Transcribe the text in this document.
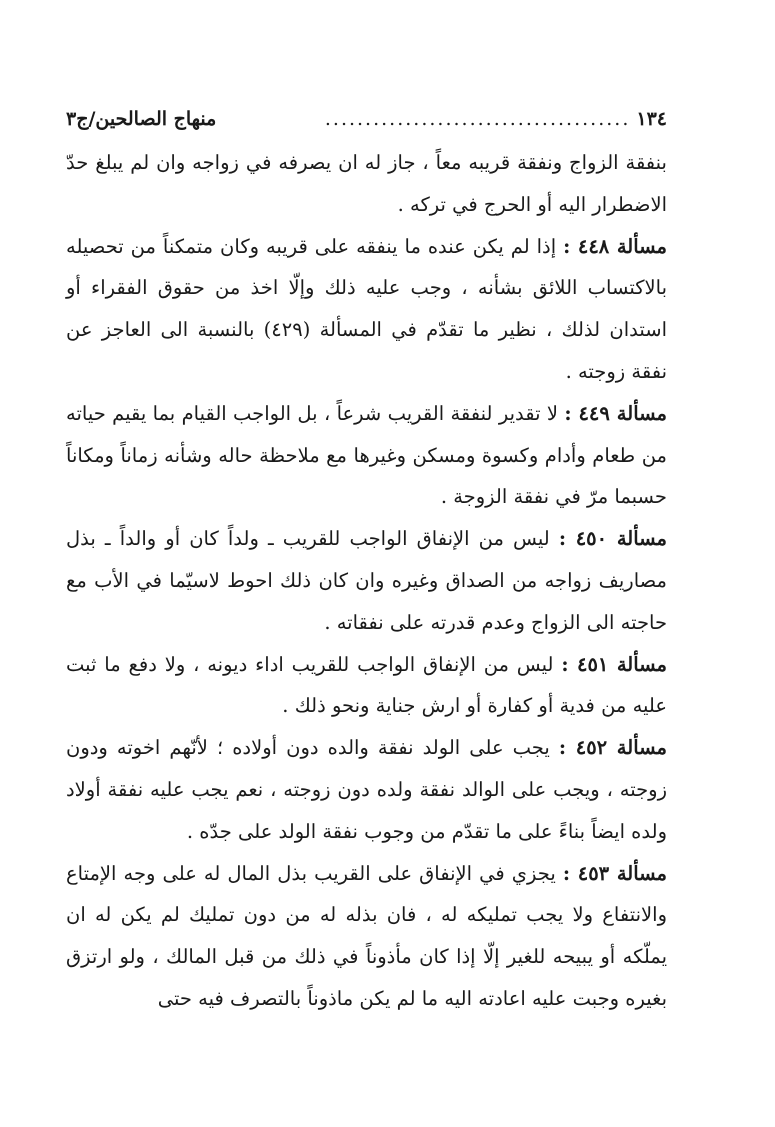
١٣٤
......................................
منهاج الصالحين/ج٣

بنفقة الزواج ونفقة قريبه معاً ، جاز له ان يصرفه في زواجه وان لم يبلغ حدّ الاضطرار اليه أو الحرج في تركه .

مسألة ٤٤٨ : إذا لم يكن عنده ما ينفقه على قريبه وكان متمكناً من تحصيله بالاكتساب اللائق بشأنه ، وجب عليه ذلك وإلّا اخذ من حقوق الفقراء أو استدان لذلك ، نظير ما تقدّم في المسألة (٤٢٩) بالنسبة الى العاجز عن نفقة زوجته .

مسألة ٤٤٩ : لا تقدير لنفقة القريب شرعاً ، بل الواجب القيام بما يقيم حياته من طعام وأدام وكسوة ومسكن وغيرها مع ملاحظة حاله وشأنه زماناً ومكاناً حسبما مرّ في نفقة الزوجة .

مسألة ٤٥٠ : ليس من الإنفاق الواجب للقريب ـ ولداً كان أو والداً ـ بذل مصاريف زواجه من الصداق وغيره وان كان ذلك احوط لاسيّما في الأب مع حاجته الى الزواج وعدم قدرته على نفقاته .

مسألة ٤٥١ : ليس من الإنفاق الواجب للقريب اداء ديونه ، ولا دفع ما ثبت عليه من فدية أو كفارة أو ارش جناية ونحو ذلك .

مسألة ٤٥٢ : يجب على الولد نفقة والده دون أولاده ؛ لأنّهم اخوته ودون زوجته ، ويجب على الوالد نفقة ولده دون زوجته ، نعم يجب عليه نفقة أولاد ولده ايضاً بناءً على ما تقدّم من وجوب نفقة الولد على جدّه .

مسألة ٤٥٣ : يجزي في الإنفاق على القريب بذل المال له على وجه الإمتاع والانتفاع ولا يجب تمليكه له ، فان بذله له من دون تمليك لم يكن له ان يملّكه أو يبيحه للغير إلّا إذا كان مأذوناً في ذلك من قبل المالك ، ولو ارتزق بغيره وجبت عليه اعادته اليه ما لم يكن ماذوناً بالتصرف فيه حتى
